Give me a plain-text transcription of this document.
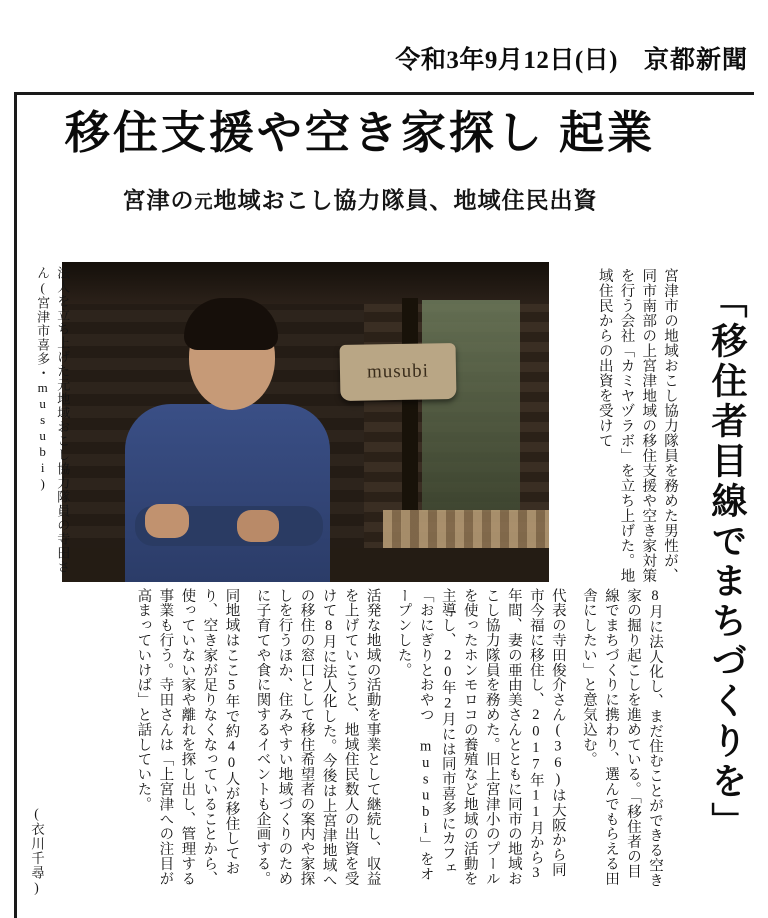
令和3年9月12日(日) 京都新聞
移住支援や空き家探し 起業
宮津の元地域おこし協力隊員、地域住民出資
musubi
法人を立ち上げた元地域おこし協力隊員の寺田さん(宮津市喜多・musubi)	宮津市の地域おこし協力隊員を務めた男性が、同市南部の上宮津地域の移住支援や空き家対策を行う会社「カミヤヅラボ」を立ち上げた。地域住民からの出資を受けて	「移住者目線でまちづくりを」
8月に法人化し、まだ住むことができる空き家の掘り起こしを進めている。「移住者の目線でまちづくりに携わり、選んでもらえる田舎にしたい」と意気込む。
代表の寺田俊介さん(36)は大阪から同市今福に移住し、2017年11月から3年間、妻の亜由美さんとともに同市の地域おこし協力隊員を務めた。旧上宮津小のプールを使ったホンモロコの養殖など地域の活動を主導し、20年2月には同市喜多にカフェ「おにぎりとおやつ musubi」をオープンした。
活発な地域の活動を事業として継続し、収益を上げていこうと、地域住民数人の出資を受けて8月に法人化した。今後は上宮津地域への移住の窓口として移住希望者の案内や家探しを行うほか、住みやすい地域づくりのために子育てや食に関するイベントも企画する。
同地域はここ5年で約40人が移住しており、空き家が足りなくなっていることから、使っていない家や離れを探し出し、管理する事業も行う。寺田さんは「上宮津への注目が高まっていけば」と話していた。
(衣川千尋)
